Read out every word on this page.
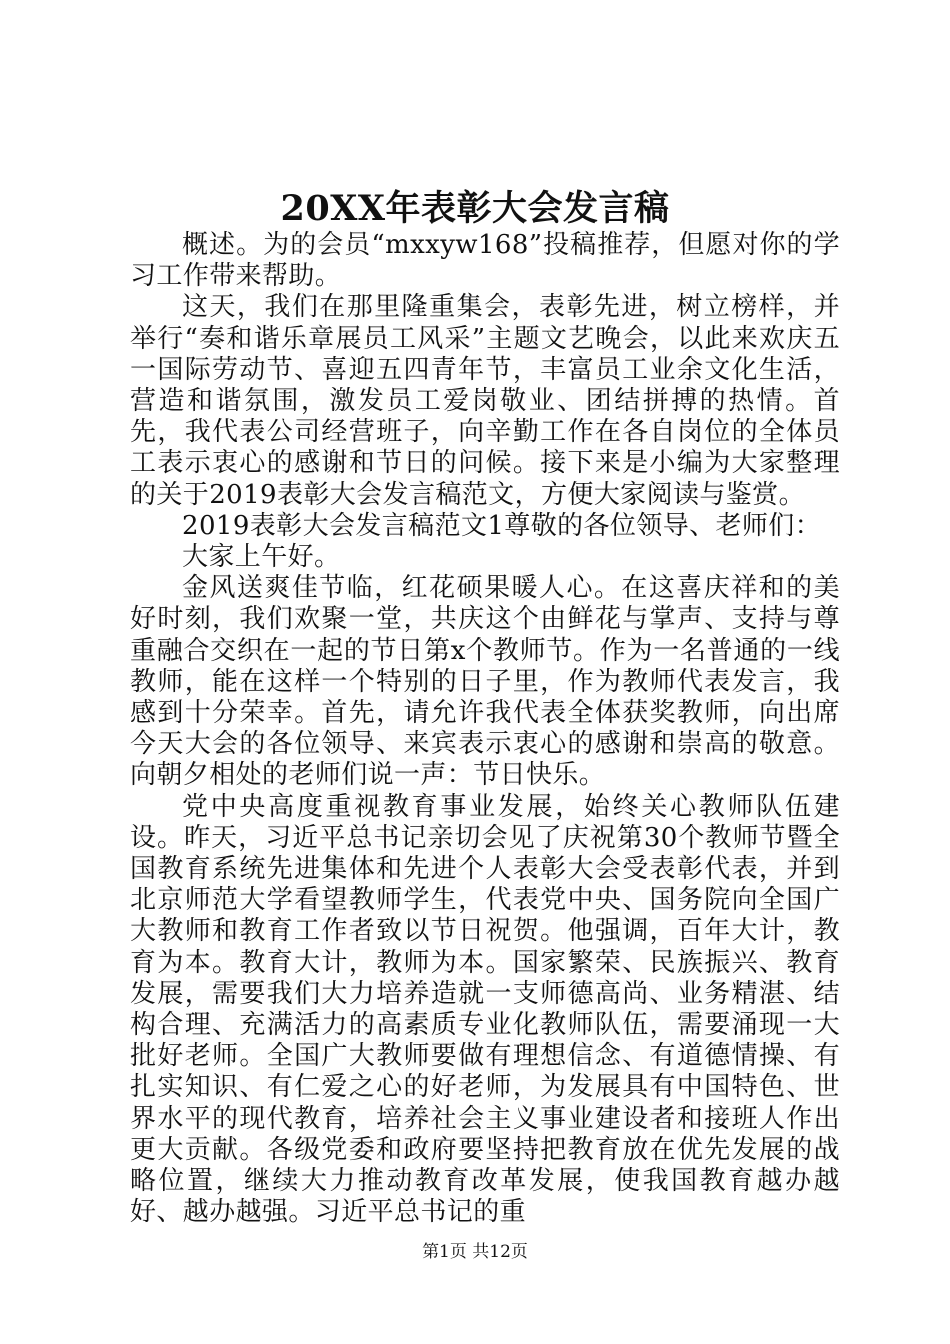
20XX年表彰大会发言稿

概述。为的会员“mxxyw168”投稿推荐，但愿对你的学习工作带来帮助。

这天，我们在那里隆重集会，表彰先进，树立榜样，并举行“奏和谐乐章展员工风采”主题文艺晚会，以此来欢庆五一国际劳动节、喜迎五四青年节，丰富员工业余文化生活，营造和谐氛围，激发员工爱岗敬业、团结拼搏的热情。首先，我代表公司经营班子，向辛勤工作在各自岗位的全体员工表示衷心的感谢和节日的问候。接下来是小编为大家整理的关于2019表彰大会发言稿范文，方便大家阅读与鉴赏。

2019表彰大会发言稿范文1尊敬的各位领导、老师们：

大家上午好。

金风送爽佳节临，红花硕果暖人心。在这喜庆祥和的美好时刻，我们欢聚一堂，共庆这个由鲜花与掌声、支持与尊重融合交织在一起的节日第x个教师节。作为一名普通的一线教师，能在这样一个特别的日子里，作为教师代表发言，我感到十分荣幸。首先，请允许我代表全体获奖教师，向出席今天大会的各位领导、来宾表示衷心的感谢和崇高的敬意。向朝夕相处的老师们说一声：节日快乐。

党中央高度重视教育事业发展，始终关心教师队伍建设。昨天，习近平总书记亲切会见了庆祝第30个教师节暨全国教育系统先进集体和先进个人表彰大会受表彰代表，并到北京师范大学看望教师学生，代表党中央、国务院向全国广大教师和教育工作者致以节日祝贺。他强调，百年大计，教育为本。教育大计，教师为本。国家繁荣、民族振兴、教育发展，需要我们大力培养造就一支师德高尚、业务精湛、结构合理、充满活力的高素质专业化教师队伍，需要涌现一大批好老师。全国广大教师要做有理想信念、有道德情操、有扎实知识、有仁爱之心的好老师，为发展具有中国特色、世界水平的现代教育，培养社会主义事业建设者和接班人作出更大贡献。各级党委和政府要坚持把教育放在优先发展的战略位置，继续大力推动教育改革发展，使我国教育越办越好、越办越强。习近平总书记的重

第1页 共12页
